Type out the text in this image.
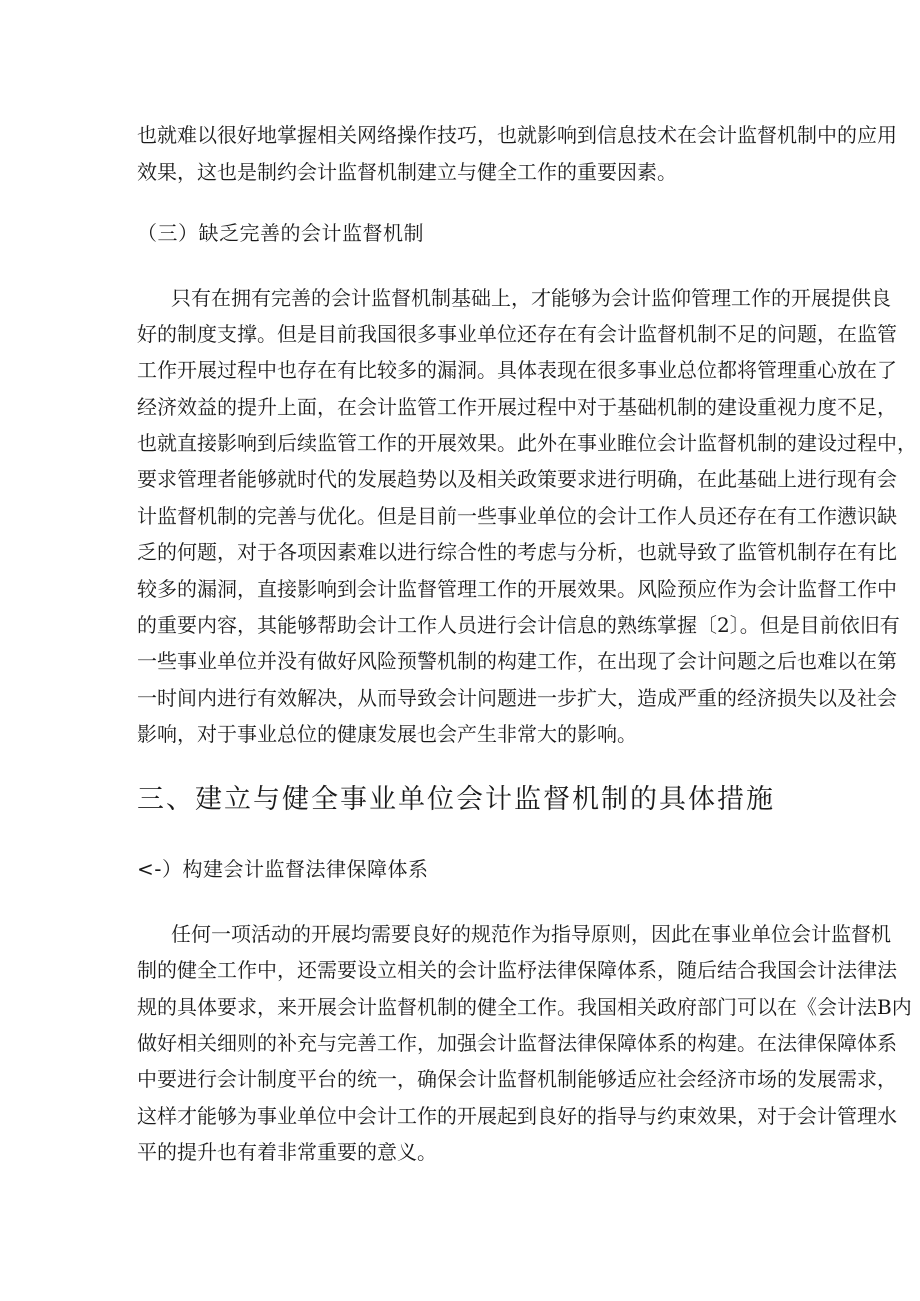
也就难以很好地掌握相关网络操作技巧，也就影响到信息技术在会计监督机制中的应用
效果，这也是制约会计监督机制建立与健全工作的重要因素。
（三）缺乏完善的会计监督机制
只有在拥有完善的会计监督机制基础上，才能够为会计监仰管理工作的开展提供良
好的制度支撑。但是目前我国很多事业单位还存在有会计监督机制不足的问题，在监管
工作开展过程中也存在有比较多的漏洞。具体表现在很多事业总位都将管理重心放在了
经济效益的提升上面，在会计监管工作开展过程中对于基础机制的建设重视力度不足，
也就直接影响到后续监管工作的开展效果。此外在事业睢位会计监督机制的建设过程中，
要求管理者能够就时代的发展趋势以及相关政策要求进行明确，在此基础上进行现有会
计监督机制的完善与优化。但是目前一些事业单位的会计工作人员还存在有工作懑识缺
乏的何题，对于各项因素难以进行综合性的考虑与分析，也就导致了监管机制存在有比
较多的漏洞，直接影响到会计监督管理工作的开展效果。风险预应作为会计监督工作中
的重要内容，其能够帮助会计工作人员进行会计信息的熟练掌握〔2〕。但是目前依旧有
一些事业单位并没有做好风险预警机制的构建工作，在出现了会计问题之后也难以在第
一时间内进行有效解决，从而导致会计问题进一步扩大，造成严重的经济损失以及社会
影响，对于事业总位的健康发展也会产生非常大的影响。
三、建立与健全事业单位会计监督机制的具体措施
<-）构建会计监督法律保障体系
任何一项活动的开展均需要良好的规范作为指导原则，因此在事业单位会计监督机
制的健全工作中，还需要设立相关的会计监杼法律保障体系，随后结合我国会计法律法
规的具体要求，来开展会计监督机制的健全工作。我国相关政府部门可以在《会计法B内
做好相关细则的补充与完善工作，加强会计监督法律保障体系的构建。在法律保障体系
中要进行会计制度平台的统一，确保会计监督机制能够适应社会经济市场的发展需求，
这样才能够为事业单位中会计工作的开展起到良好的指导与约束效果，对于会计管理水
平的提升也有着非常重要的意义。
